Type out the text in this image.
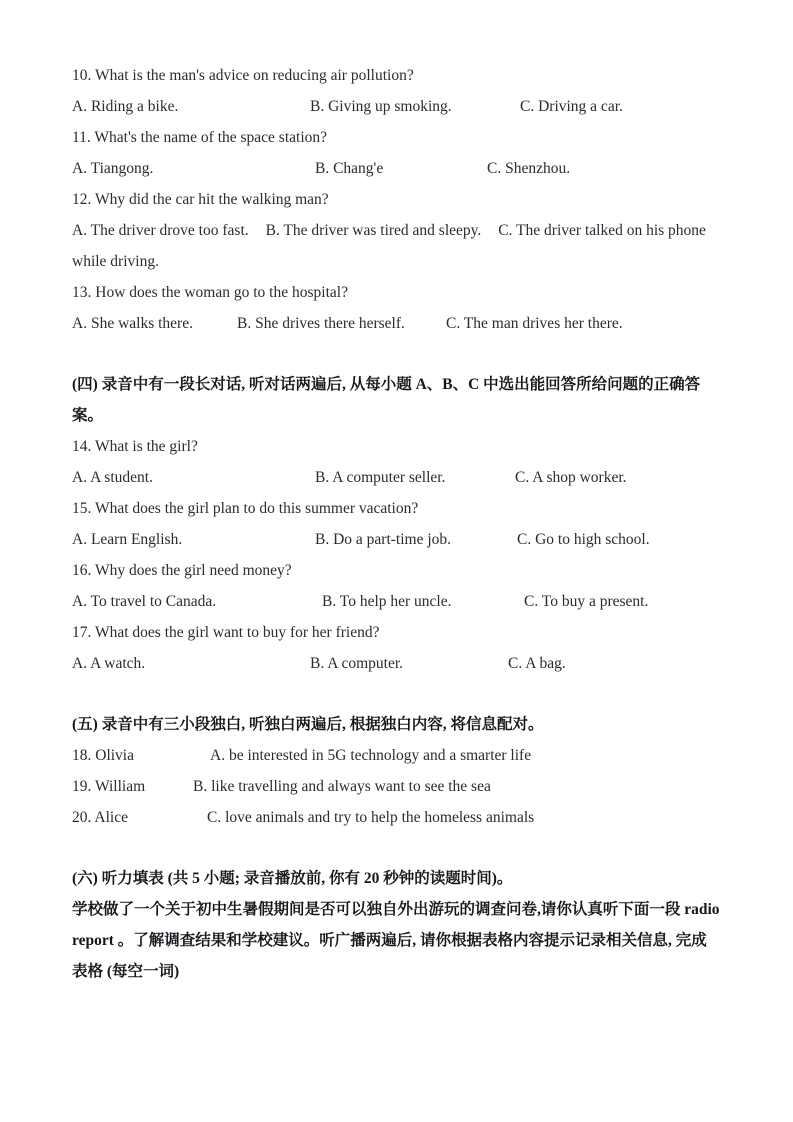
10. What is the man's advice on reducing air pollution?

A. Riding a bike.	B. Giving up smoking.	C. Driving a car.

11. What's the name of the space station?

A. Tiangong.	B. Chang'e	C. Shenzhou.

12. Why did the car hit the walking man?

A. The driver drove too fast. B. The driver was tired and sleepy. C. The driver talked on his phone while driving.

13. How does the woman go to the hospital?

A. She walks there.	B. She drives there herself.	C. The man drives her there.

(四) 录音中有一段长对话, 听对话两遍后, 从每小题 A、B、C 中选出能回答所给问题的正确答案。

14. What is the girl?

A. A student.	B. A computer seller.	C. A shop worker.

15. What does the girl plan to do this summer vacation?

A. Learn English.	B. Do a part-time job.	C. Go to high school.

16. Why does the girl need money?

A. To travel to Canada.	B. To help her uncle.	C. To buy a present.

17. What does the girl want to buy for her friend?

A. A watch.	B. A computer.	C. A bag.

(五) 录音中有三小段独白, 听独白两遍后, 根据独白内容, 将信息配对。

18. Olivia	A. be interested in 5G technology and a smarter life
19. William	B. like travelling and always want to see the sea
20. Alice	C. love animals and try to help the homeless animals

(六) 听力填表 (共 5 小题; 录音播放前, 你有 20 秒钟的读题时间)。

学校做了一个关于初中生暑假期间是否可以独自外出游玩的调查问卷,请你认真听下面一段 radio report 。了解调查结果和学校建议。听广播两遍后, 请你根据表格内容提示记录相关信息, 完成表格 (每空一词)
